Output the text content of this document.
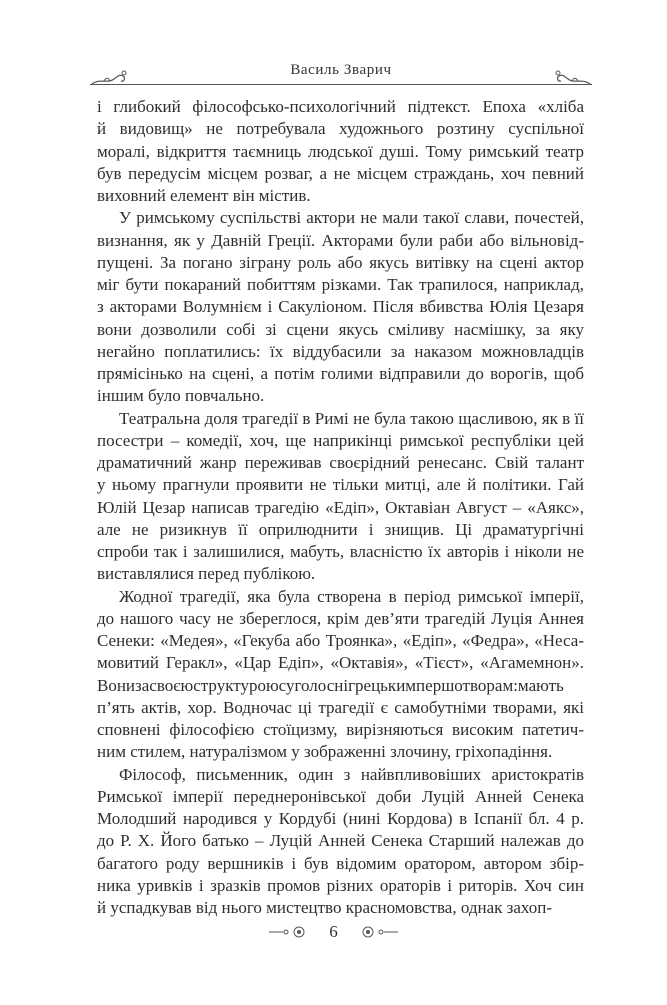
Василь Зварич
і глибокий філософсько-психологічний підтекст. Епоха «хліба
й видовищ» не потребувала художнього розтину суспільної
моралі, відкриття таємниць людської душі. Тому римський театр
був передусім місцем розваг, а не місцем страждань, хоч певний
виховний елемент він містив.
У римському суспільстві актори не мали такої слави, почестей,
визнання, як у Давній Греції. Акторами були раби або вільновід-
пущені. За погано зіграну роль або якусь витівку на сцені актор
міг бути покараний побиттям різками. Так трапилося, наприклад,
з акторами Волумнієм і Сакуліоном. Після вбивства Юлія Цезаря
вони дозволили собі зі сцени якусь сміливу насмішку, за яку
негайно поплатились: їх віддубасили за наказом можновладців
прямісінько на сцені, а потім голими відправили до ворогів, щоб
іншим було повчально.
Театральна доля трагедії в Римі не була такою щасливою, як в її
посестри – комедії, хоч, ще наприкінці римської республіки цей
драматичний жанр переживав своєрідний ренесанс. Свій талант
у ньому прагнули проявити не тільки митці, але й політики. Гай
Юлій Цезар написав трагедію «Едіп», Октавіан Август – «Аякс»,
але не ризикнув її оприлюднити і знищив. Ці драматургічні
спроби так і залишилися, мабуть, власністю їх авторів і ніколи не
виставлялися перед публікою.
Жодної трагедії, яка була створена в період римської імперії,
до нашого часу не збереглося, крім дев’яти трагедій Луція Аннея
Сенеки: «Медея», «Гекуба або Троянка», «Едіп», «Федра», «Неса-
мовитий Геракл», «Цар Едіп», «Октавія», «Тієст», «Агамемнон».
Вонизасвоєюструктуроюсуголоснігрецькимпершотворам:мають
п’ять актів, хор. Водночас ці трагедії є самобутніми творами, які
сповнені філософією стоїцизму, вирізняються високим патетич-
ним стилем, натуралізмом у зображенні злочину, гріхопадіння.
Філософ, письменник, один з найвпливовіших аристократів
Римської імперії переднеронівської доби Луцій Анней Сенека
Молодший народився у Кордубі (нині Кордова) в Іспанії бл. 4 р.
до Р. Х. Його батько – Луцій Анней Сенека Старший належав до
багатого роду вершників і був відомим оратором, автором збір-
ника уривків і зразків промов різних ораторів і риторів. Хоч син
й успадкував від нього мистецтво красномовства, однак захоп-
6
